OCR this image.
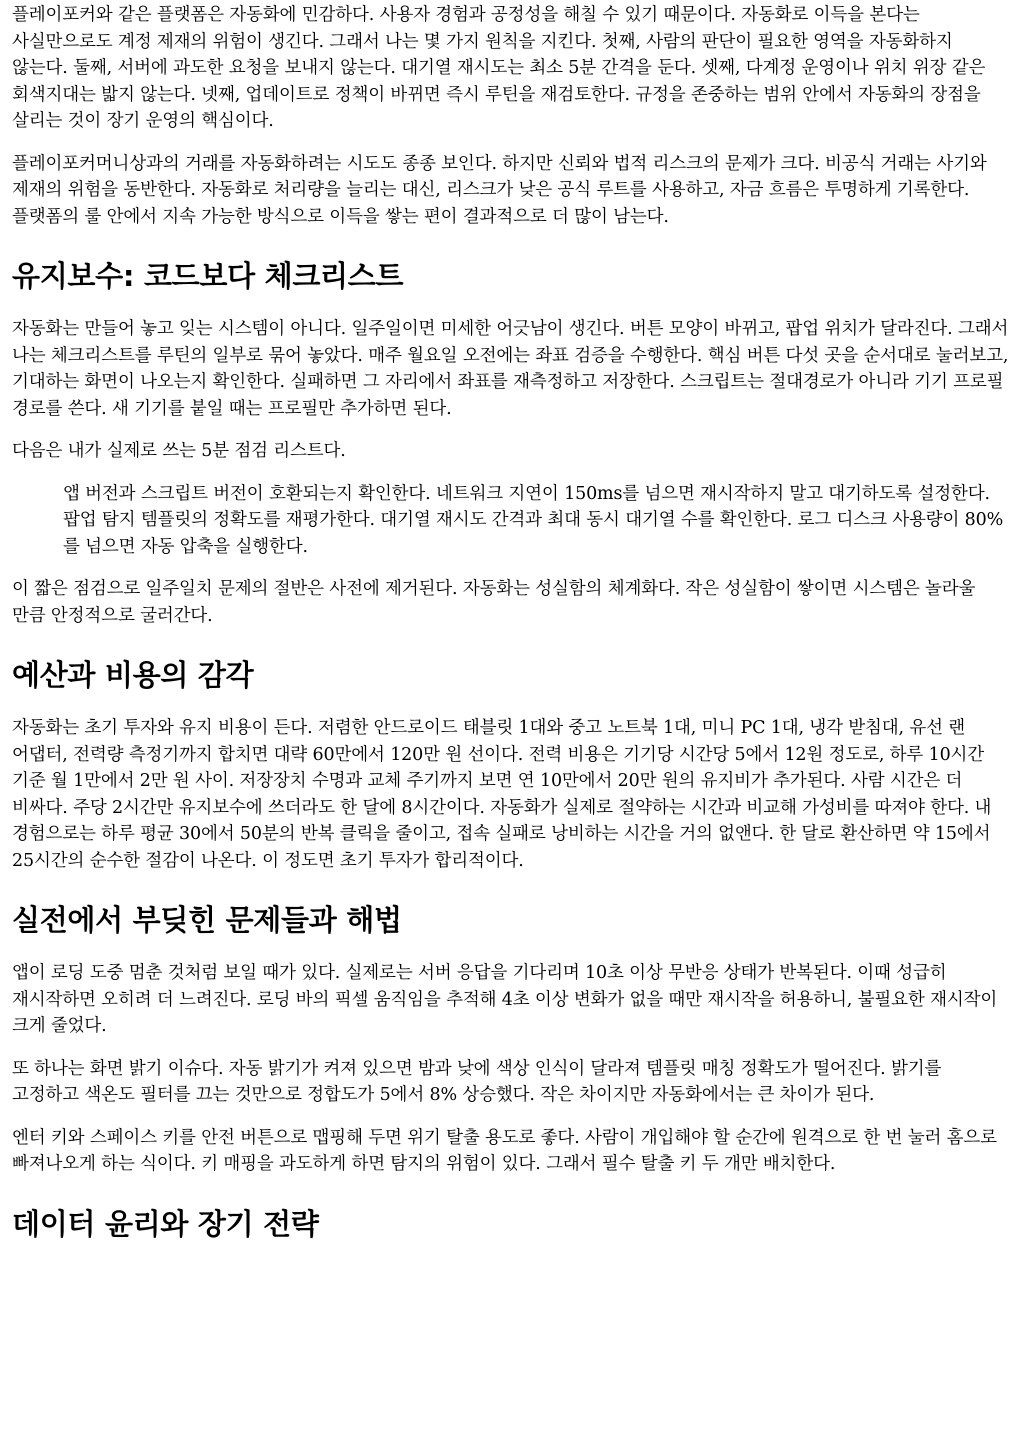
플레이포커와 같은 플랫폼은 자동화에 민감하다. 사용자 경험과 공정성을 해칠 수 있기 때문이다. 자동화로 이득을 본다는 사실만으로도 계정 제재의 위험이 생긴다. 그래서 나는 몇 가지 원칙을 지킨다. 첫째, 사람의 판단이 필요한 영역을 자동화하지 않는다. 둘째, 서버에 과도한 요청을 보내지 않는다. 대기열 재시도는 최소 5분 간격을 둔다. 셋째, 다계정 운영이나 위치 위장 같은 회색지대는 밟지 않는다. 넷째, 업데이트로 정책이 바뀌면 즉시 루틴을 재검토한다. 규정을 존중하는 범위 안에서 자동화의 장점을 살리는 것이 장기 운영의 핵심이다.

플레이포커머니상과의 거래를 자동화하려는 시도도 종종 보인다. 하지만 신뢰와 법적 리스크의 문제가 크다. 비공식 거래는 사기와 제재의 위험을 동반한다. 자동화로 처리량을 늘리는 대신, 리스크가 낮은 공식 루트를 사용하고, 자금 흐름은 투명하게 기록한다. 플랫폼의 룰 안에서 지속 가능한 방식으로 이득을 쌓는 편이 결과적으로 더 많이 남는다.

유지보수: 코드보다 체크리스트

자동화는 만들어 놓고 잊는 시스템이 아니다. 일주일이면 미세한 어긋남이 생긴다. 버튼 모양이 바뀌고, 팝업 위치가 달라진다. 그래서 나는 체크리스트를 루틴의 일부로 묶어 놓았다. 매주 월요일 오전에는 좌표 검증을 수행한다. 핵심 버튼 다섯 곳을 순서대로 눌러보고, 기대하는 화면이 나오는지 확인한다. 실패하면 그 자리에서 좌표를 재측정하고 저장한다. 스크립트는 절대경로가 아니라 기기 프로필 경로를 쓴다. 새 기기를 붙일 때는 프로필만 추가하면 된다.

다음은 내가 실제로 쓰는 5분 점검 리스트다.

앱 버전과 스크립트 버전이 호환되는지 확인한다. 네트워크 지연이 150ms를 넘으면 재시작하지 말고 대기하도록 설정한다. 팝업 탐지 템플릿의 정확도를 재평가한다. 대기열 재시도 간격과 최대 동시 대기열 수를 확인한다. 로그 디스크 사용량이 80%를 넘으면 자동 압축을 실행한다.

이 짧은 점검으로 일주일치 문제의 절반은 사전에 제거된다. 자동화는 성실함의 체계화다. 작은 성실함이 쌓이면 시스템은 놀라울 만큼 안정적으로 굴러간다.

예산과 비용의 감각

자동화는 초기 투자와 유지 비용이 든다. 저렴한 안드로이드 태블릿 1대와 중고 노트북 1대, 미니 PC 1대, 냉각 받침대, 유선 랜 어댑터, 전력량 측정기까지 합치면 대략 60만에서 120만 원 선이다. 전력 비용은 기기당 시간당 5에서 12원 정도로, 하루 10시간 기준 월 1만에서 2만 원 사이. 저장장치 수명과 교체 주기까지 보면 연 10만에서 20만 원의 유지비가 추가된다. 사람 시간은 더 비싸다. 주당 2시간만 유지보수에 쓰더라도 한 달에 8시간이다. 자동화가 실제로 절약하는 시간과 비교해 가성비를 따져야 한다. 내 경험으로는 하루 평균 30에서 50분의 반복 클릭을 줄이고, 접속 실패로 낭비하는 시간을 거의 없앤다. 한 달로 환산하면 약 15에서 25시간의 순수한 절감이 나온다. 이 정도면 초기 투자가 합리적이다.

실전에서 부딪힌 문제들과 해법

앱이 로딩 도중 멈춘 것처럼 보일 때가 있다. 실제로는 서버 응답을 기다리며 10초 이상 무반응 상태가 반복된다. 이때 성급히 재시작하면 오히려 더 느려진다. 로딩 바의 픽셀 움직임을 추적해 4초 이상 변화가 없을 때만 재시작을 허용하니, 불필요한 재시작이 크게 줄었다.

또 하나는 화면 밝기 이슈다. 자동 밝기가 켜져 있으면 밤과 낮에 색상 인식이 달라져 템플릿 매칭 정확도가 떨어진다. 밝기를 고정하고 색온도 필터를 끄는 것만으로 정합도가 5에서 8% 상승했다. 작은 차이지만 자동화에서는 큰 차이가 된다.

엔터 키와 스페이스 키를 안전 버튼으로 맵핑해 두면 위기 탈출 용도로 좋다. 사람이 개입해야 할 순간에 원격으로 한 번 눌러 홈으로 빠져나오게 하는 식이다. 키 매핑을 과도하게 하면 탐지의 위험이 있다. 그래서 필수 탈출 키 두 개만 배치한다.

데이터 윤리와 장기 전략
